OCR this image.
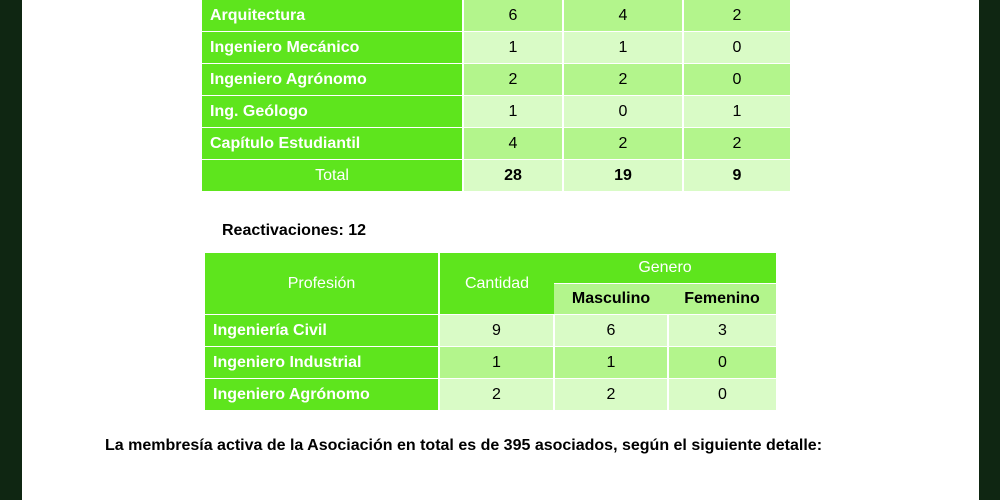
Arquitectura	6	4	2
Ingeniero Mecánico	1	1	0
Ingeniero Agrónomo	2	2	0
Ing. Geólogo	1	0	1
Capítulo Estudiantil	4	2	2
Total	28	19	9
Reactivaciones: 12
Profesión	Cantidad	Genero	
		Masculino	Femenino
Ingeniería Civil	9	6	3
Ingeniero Industrial	1	1	0
Ingeniero Agrónomo	2	2	0
La membresía activa de la Asociación en total es de 395 asociados, según el siguiente detalle:
